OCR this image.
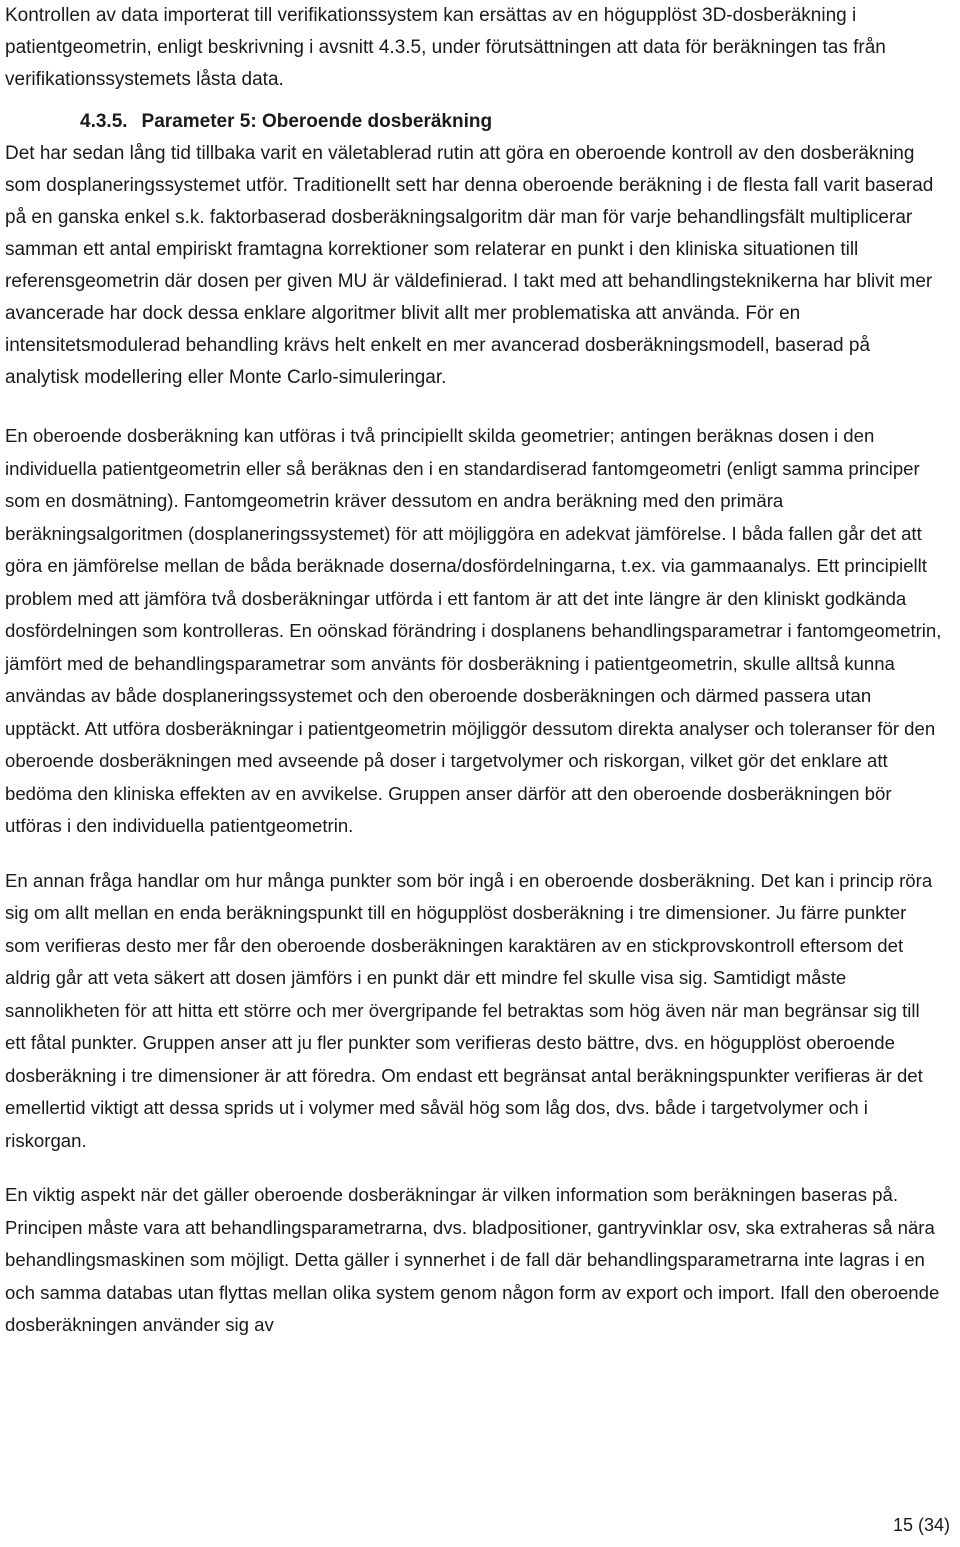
Kontrollen av data importerat till verifikationssystem kan ersättas av en högupplöst 3D-dosberäkning i patientgeometrin, enligt beskrivning i avsnitt 4.3.5, under förutsättningen att data för beräkningen tas från verifikationssystemets låsta data.

4.3.5. Parameter 5: Oberoende dosberäkning

Det har sedan lång tid tillbaka varit en väletablerad rutin att göra en oberoende kontroll av den dosberäkning som dosplaneringssystemet utför. Traditionellt sett har denna oberoende beräkning i de flesta fall varit baserad på en ganska enkel s.k. faktorbaserad dosberäkningsalgoritm där man för varje behandlingsfält multiplicerar samman ett antal empiriskt framtagna korrektioner som relaterar en punkt i den kliniska situationen till referensgeometrin där dosen per given MU är väldefinierad. I takt med att behandlingsteknikerna har blivit mer avancerade har dock dessa enklare algoritmer blivit allt mer problematiska att använda. För en intensitetsmodulerad behandling krävs helt enkelt en mer avancerad dosberäkningsmodell, baserad på analytisk modellering eller Monte Carlo-simuleringar.

En oberoende dosberäkning kan utföras i två principiellt skilda geometrier; antingen beräknas dosen i den individuella patientgeometrin eller så beräknas den i en standardiserad fantomgeometri (enligt samma principer som en dosmätning). Fantomgeometrin kräver dessutom en andra beräkning med den primära beräkningsalgoritmen (dosplaneringssystemet) för att möjliggöra en adekvat jämförelse. I båda fallen går det att göra en jämförelse mellan de båda beräknade doserna/dosfördelningarna, t.ex. via gammaanalys. Ett principiellt problem med att jämföra två dosberäkningar utförda i ett fantom är att det inte längre är den kliniskt godkända dosfördelningen som kontrolleras. En oönskad förändring i dosplanens behandlingsparametrar i fantomgeometrin, jämfört med de behandlingsparametrar som använts för dosberäkning i patientgeometrin, skulle alltså kunna användas av både dosplaneringssystemet och den oberoende dosberäkningen och därmed passera utan upptäckt. Att utföra dosberäkningar i patientgeometrin möjliggör dessutom direkta analyser och toleranser för den oberoende dosberäkningen med avseende på doser i targetvolymer och riskorgan, vilket gör det enklare att bedöma den kliniska effekten av en avvikelse. Gruppen anser därför att den oberoende dosberäkningen bör utföras i den individuella patientgeometrin.

En annan fråga handlar om hur många punkter som bör ingå i en oberoende dosberäkning. Det kan i princip röra sig om allt mellan en enda beräkningspunkt till en högupplöst dosberäkning i tre dimensioner. Ju färre punkter som verifieras desto mer får den oberoende dosberäkningen karaktären av en stickprovskontroll eftersom det aldrig går att veta säkert att dosen jämförs i en punkt där ett mindre fel skulle visa sig. Samtidigt måste sannolikheten för att hitta ett större och mer övergripande fel betraktas som hög även när man begränsar sig till ett fåtal punkter. Gruppen anser att ju fler punkter som verifieras desto bättre, dvs. en högupplöst oberoende dosberäkning i tre dimensioner är att föredra. Om endast ett begränsat antal beräkningspunkter verifieras är det emellertid viktigt att dessa sprids ut i volymer med såväl hög som låg dos, dvs. både i targetvolymer och i riskorgan.

En viktig aspekt när det gäller oberoende dosberäkningar är vilken information som beräkningen baseras på. Principen måste vara att behandlingsparametrarna, dvs. bladpositioner, gantryvinklar osv, ska extraheras så nära behandlingsmaskinen som möjligt. Detta gäller i synnerhet i de fall där behandlingsparametrarna inte lagras i en och samma databas utan flyttas mellan olika system genom någon form av export och import. Ifall den oberoende dosberäkningen använder sig av

15 (34)
